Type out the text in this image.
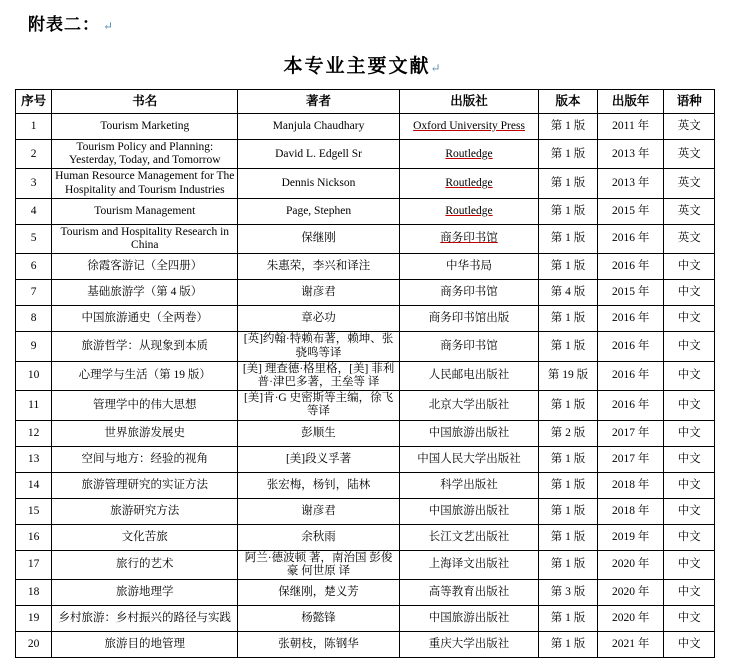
附表二： ↵
本专业主要文献↵
序号	书名	著者	出版社	版本	出版年	语种
1	Tourism Marketing	Manjula Chaudhary	Oxford University Press	第 1 版	2011 年	英文
2	Tourism Policy and Planning: Yesterday, Today, and Tomorrow	David L. Edgell Sr	Routledge	第 1 版	2013 年	英文
3	Human Resource Management for The Hospitality and Tourism Industries	Dennis Nickson	Routledge	第 1 版	2013 年	英文
4	Tourism Management	Page, Stephen	Routledge	第 1 版	2015 年	英文
5	Tourism and Hospitality Research in China	保继刚	商务印书馆	第 1 版	2016 年	英文
6	徐霞客游记（全四册）	朱惠荣，李兴和译注	中华书局	第 1 版	2016 年	中文
7	基础旅游学（第 4 版）	谢彦君	商务印书馆	第 4 版	2015 年	中文
8	中国旅游通史（全两卷）	章必功	商务印书馆出版	第 1 版	2016 年	中文
9	旅游哲学：从现象到本质	[英]约翰·特赖布著，赖坤、张骁鸣等译	商务印书馆	第 1 版	2016 年	中文
10	心理学与生活（第 19 版）	[美] 理查德·格里格，[美] 菲利普·津巴多著，王垒等 译	人民邮电出版社	第 19 版	2016 年	中文
11	管理学中的伟大思想	[美]肯·G 史密斯等主编，徐飞等译	北京大学出版社	第 1 版	2016 年	中文
12	世界旅游发展史	彭顺生	中国旅游出版社	第 2 版	2017 年	中文
13	空间与地方：经验的视角	[美]段义孚著	中国人民大学出版社	第 1 版	2017 年	中文
14	旅游管理研究的实证方法	张宏梅，杨钊，陆林	科学出版社	第 1 版	2018 年	中文
15	旅游研究方法	谢彦君	中国旅游出版社	第 1 版	2018 年	中文
16	文化苦旅	余秋雨	长江文艺出版社	第 1 版	2019 年	中文
17	旅行的艺术	阿兰·德波顿 著，南治国 彭俊豪 何世原 译	上海译文出版社	第 1 版	2020 年	中文
18	旅游地理学	保继刚，楚义芳	高等教育出版社	第 3 版	2020 年	中文
19	乡村旅游：乡村振兴的路径与实践	杨懿锋	中国旅游出版社	第 1 版	2020 年	中文
20	旅游目的地管理	张朝枝，陈钢华	重庆大学出版社	第 1 版	2021 年	中文
